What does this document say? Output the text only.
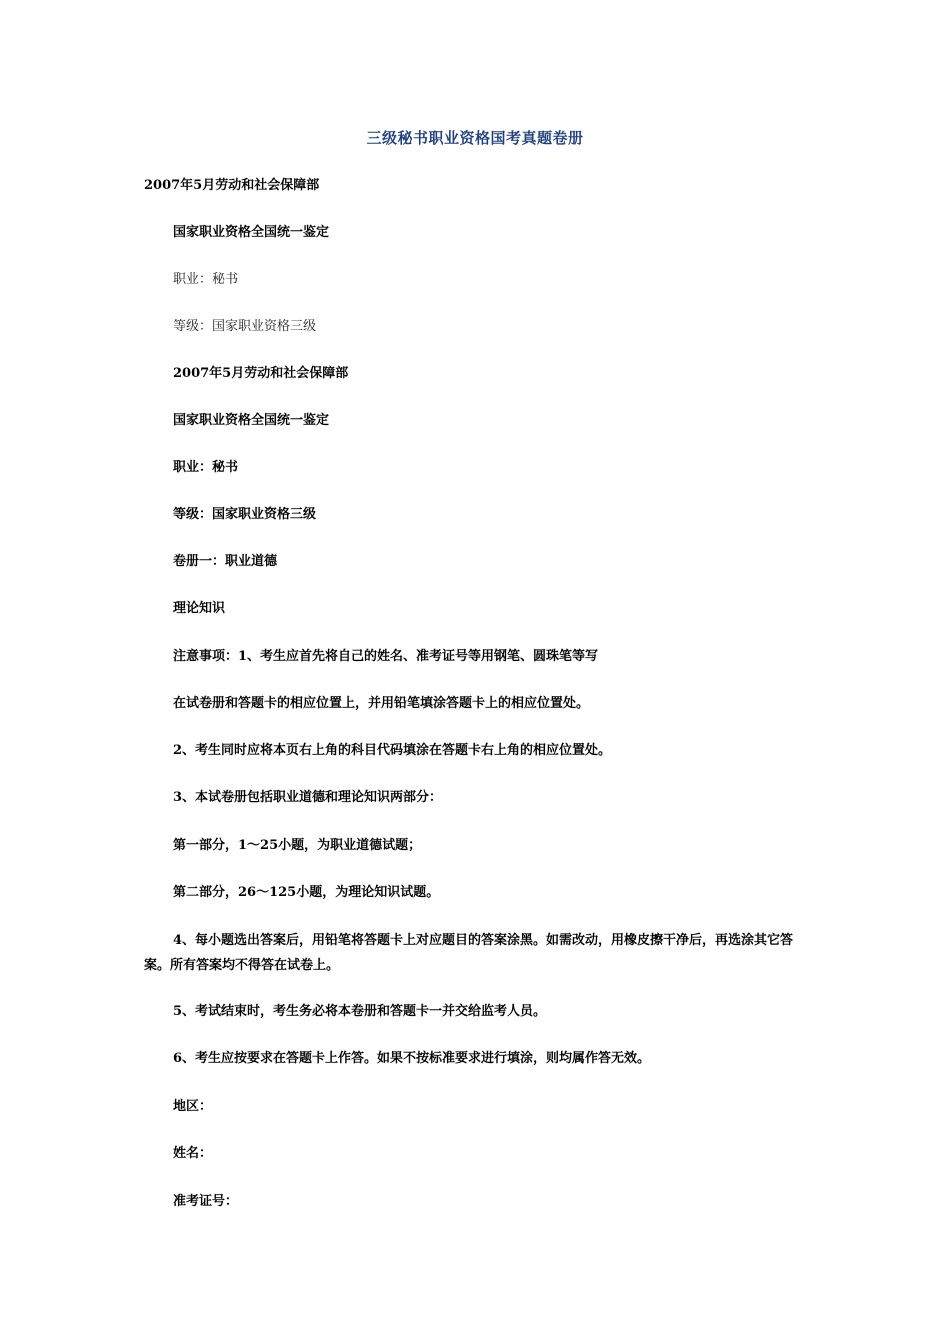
三级秘书职业资格国考真题卷册
2007年5月劳动和社会保障部
国家职业资格全国统一鉴定
职业：秘书
等级：国家职业资格三级
2007年5月劳动和社会保障部
国家职业资格全国统一鉴定
职业：秘书
等级：国家职业资格三级
卷册一：职业道德
理论知识
注意事项：1、考生应首先将自己的姓名、准考证号等用钢笔、圆珠笔等写
在试卷册和答题卡的相应位置上，并用铅笔填涂答题卡上的相应位置处。
2、考生同时应将本页右上角的科目代码填涂在答题卡右上角的相应位置处。
3、本试卷册包括职业道德和理论知识两部分：
第一部分，1～25小题，为职业道德试题；
第二部分，26～125小题，为理论知识试题。
4、每小题选出答案后，用铅笔将答题卡上对应题目的答案涂黑。如需改动，用橡皮擦干净后，再选涂其它答案。所有答案均不得答在试卷上。
5、考试结束时，考生务必将本卷册和答题卡一并交给监考人员。
6、考生应按要求在答题卡上作答。如果不按标准要求进行填涂，则均属作答无效。
地区：
姓名：
准考证号：
